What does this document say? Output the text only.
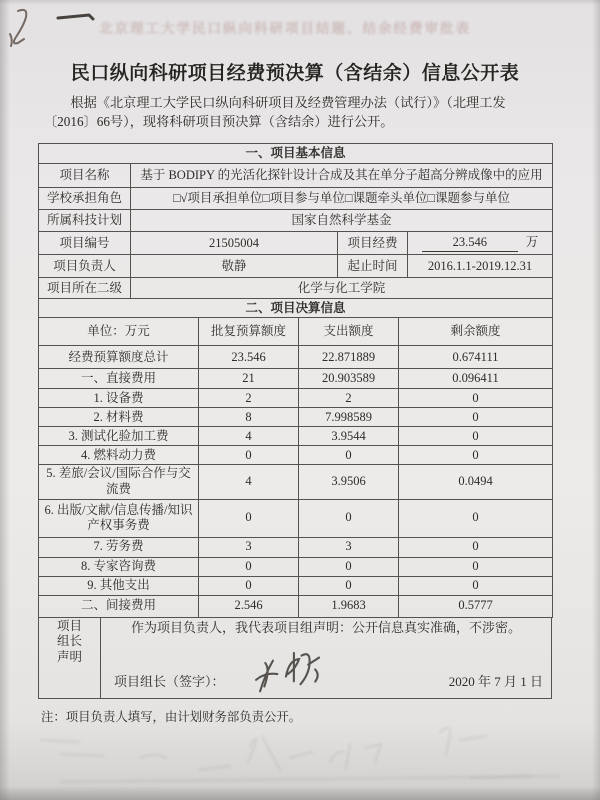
北京理工大学民口纵向科研项目结题、结余经费审批表
民口纵向科研项目经费预决算（含结余）信息公开表

根据《北京理工大学民口纵向科研项目及经费管理办法（试行）》（北理工发〔2016〕66号），现将科研项目预决算（含结余）进行公开。

一、项目基本信息			
项目名称	基于 BODIPY 的光活化探针设计合成及其在单分子超高分辨成像中的应用		
学校承担角色	□√项目承担单位□项目参与单位□课题牵头单位□课题参与单位		
所属科技计划	国家自然科学基金		
项目编号	21505004	项目经费	23.546 万
项目负责人	敬静	起止时间	2016.1.1-2019.12.31
项目所在二级	化学与化工学院		
二、项目决算信息			
单位：万元	批复预算额度	支出额度	剩余额度
经费预算额度总计	23.546	22.871889	0.674111
一、直接费用	21	20.903589	0.096411
1. 设备费	2	2	0
2. 材料费	8	7.998589	0
3. 测试化验加工费	4	3.9544	0
4. 燃料动力费	0	0	0
5. 差旅/会议/国际合作与交流费	4	3.9506	0.0494
6. 出版/文献/信息传播/知识产权事务费	0	0	0
7. 劳务费	3	3	0
8. 专家咨询费	0	0	0
9. 其他支出	0	0	0
二、间接费用	2.546	1.9683	0.5777
项目
组长
声明

作为项目负责人，我代表项目组声明：公开信息真实准确，不涉密。
项目组长（签字）：	2020 年 7 月 1 日

注：项目负责人填写，由计划财务部负责公开。
